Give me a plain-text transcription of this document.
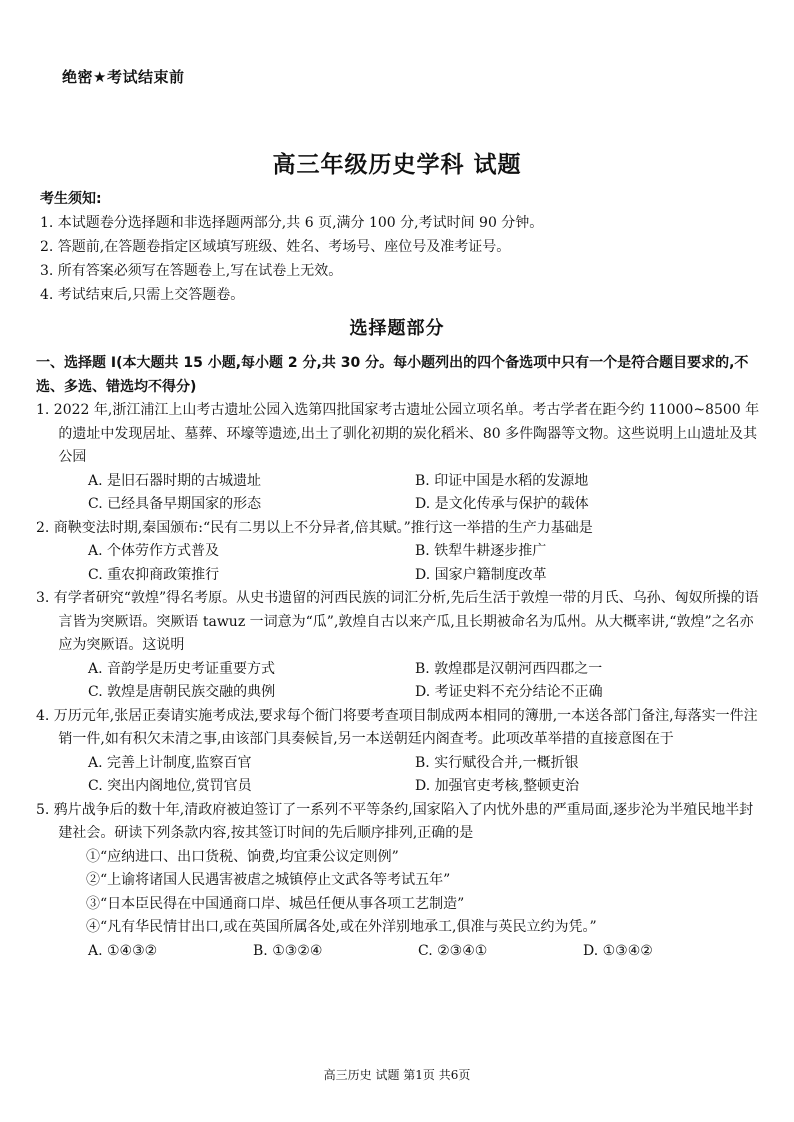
绝密★考试结束前
高三年级历史学科 试题
考生须知:
1. 本试题卷分选择题和非选择题两部分,共 6 页,满分 100 分,考试时间 90 分钟。
2. 答题前,在答题卷指定区域填写班级、姓名、考场号、座位号及准考证号。
3. 所有答案必须写在答题卷上,写在试卷上无效。
4. 考试结束后,只需上交答题卷。
选择题部分
一、选择题 I(本大题共 15 小题,每小题 2 分,共 30 分。每小题列出的四个备选项中只有一个是符合题目要求的,不选、多选、错选均不得分)
1. 2022 年,浙江浦江上山考古遗址公园入选第四批国家考古遗址公园立项名单。考古学者在距今约 11000~8500 年的遗址中发现居址、墓葬、环壕等遗迹,出土了驯化初期的炭化稻米、80 多件陶器等文物。这些说明上山遗址及其公园
A. 是旧石器时期的古城遗址	B. 印证中国是水稻的发源地
C. 已经具备早期国家的形态	D. 是文化传承与保护的载体
2. 商鞅变法时期,秦国颁布:“民有二男以上不分异者,倍其赋。”推行这一举措的生产力基础是
A. 个体劳作方式普及	B. 铁犁牛耕逐步推广
C. 重农抑商政策推行	D. 国家户籍制度改革
3. 有学者研究“敦煌”得名考原。从史书遗留的河西民族的词汇分析,先后生活于敦煌一带的月氏、乌孙、匈奴所操的语言皆为突厥语。突厥语 tawuz 一词意为“瓜”,敦煌自古以来产瓜,且长期被命名为瓜州。从大概率讲,“敦煌”之名亦应为突厥语。这说明
A. 音韵学是历史考证重要方式	B. 敦煌郡是汉朝河西四郡之一
C. 敦煌是唐朝民族交融的典例	D. 考证史料不充分结论不正确
4. 万历元年,张居正奏请实施考成法,要求每个衙门将要考查项目制成两本相同的簿册,一本送各部门备注,每落实一件注销一件,如有积欠未清之事,由该部门具奏候旨,另一本送朝廷内阁查考。此项改革举措的直接意图在于
A. 完善上计制度,监察百官	B. 实行赋役合并,一概折银
C. 突出内阁地位,赏罚官员	D. 加强官吏考核,整顿吏治
5. 鸦片战争后的数十年,清政府被迫签订了一系列不平等条约,国家陷入了内忧外患的严重局面,逐步沦为半殖民地半封建社会。研读下列条款内容,按其签订时间的先后顺序排列,正确的是
①“应纳进口、出口货税、饷费,均宜秉公议定则例”
②“上谕将诸国人民遇害被虐之城镇停止文武各等考试五年”
③“日本臣民得在中国通商口岸、城邑任便从事各项工艺制造”
④“凡有华民情甘出口,或在英国所属各处,或在外洋别地承工,俱准与英民立约为凭。”
A. ①④③②	B. ①③②④	C. ②③④①	D. ①③④②
高三历史 试题 第1页 共6页
